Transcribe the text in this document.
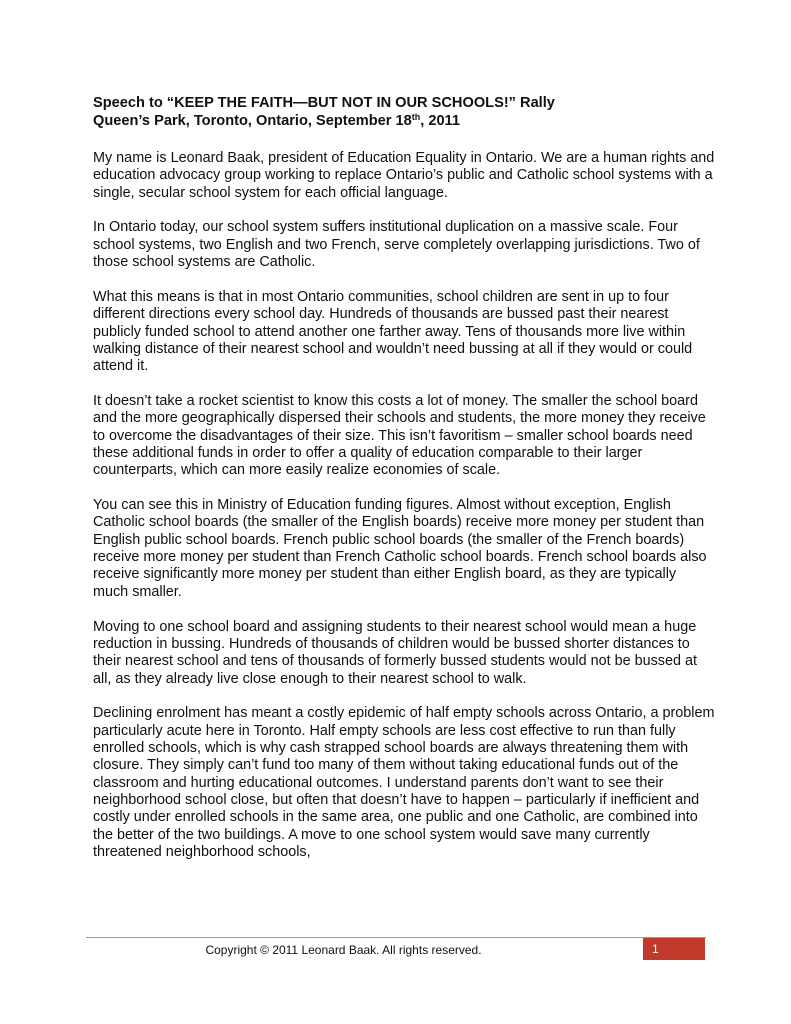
Speech to “KEEP THE FAITH—BUT NOT IN OUR SCHOOLS!” Rally
Queen’s Park, Toronto, Ontario, September 18th, 2011

My name is Leonard Baak, president of Education Equality in Ontario. We are a human rights and education advocacy group working to replace Ontario’s public and Catholic school systems with a single, secular school system for each official language.

In Ontario today, our school system suffers institutional duplication on a massive scale. Four school systems, two English and two French, serve completely overlapping jurisdictions. Two of those school systems are Catholic.

What this means is that in most Ontario communities, school children are sent in up to four different directions every school day. Hundreds of thousands are bussed past their nearest publicly funded school to attend another one farther away. Tens of thousands more live within walking distance of their nearest school and wouldn’t need bussing at all if they would or could attend it.

It doesn’t take a rocket scientist to know this costs a lot of money. The smaller the school board and the more geographically dispersed their schools and students, the more money they receive to overcome the disadvantages of their size. This isn’t favoritism – smaller school boards need these additional funds in order to offer a quality of education comparable to their larger counterparts, which can more easily realize economies of scale.

You can see this in Ministry of Education funding figures. Almost without exception, English Catholic school boards (the smaller of the English boards) receive more money per student than English public school boards. French public school boards (the smaller of the French boards) receive more money per student than French Catholic school boards. French school boards also receive significantly more money per student than either English board, as they are typically much smaller.

Moving to one school board and assigning students to their nearest school would mean a huge reduction in bussing. Hundreds of thousands of children would be bussed shorter distances to their nearest school and tens of thousands of formerly bussed students would not be bussed at all, as they already live close enough to their nearest school to walk.

Declining enrolment has meant a costly epidemic of half empty schools across Ontario, a problem particularly acute here in Toronto. Half empty schools are less cost effective to run than fully enrolled schools, which is why cash strapped school boards are always threatening them with closure. They simply can’t fund too many of them without taking educational funds out of the classroom and hurting educational outcomes. I understand parents don’t want to see their neighborhood school close, but often that doesn’t have to happen – particularly if inefficient and costly under enrolled schools in the same area, one public and one Catholic, are combined into the better of the two buildings. A move to one school system would save many currently threatened neighborhood schools,

Copyright © 2011 Leonard Baak. All rights reserved.	1
